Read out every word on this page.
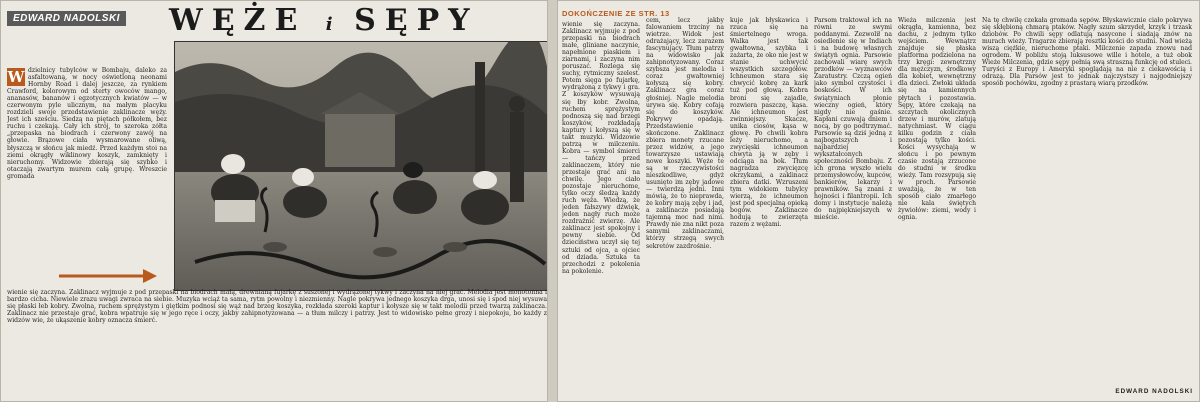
EDWARD NADOLSKI WĘŻE i SĘPY
W dzielnicy tubylców w Bombaju, daleko za asfaltowaną, w nocy oświetloną neonami Hornby Road i dalej jeszcze, za rynkiem Crawford, kolorowym od sterty owoców mango, ananasów, bananów i egzotycznych kwiatów — w czerwonym pyle ulicznym, na małym placyku rozdzieli swoje przedstawienie zaklinacze węży. Jest ich sześciu. Siedzą na piętach półkołem, bez ruchu i czekają. Cały ich strój, to szeroka zółta „przepaska na biodrach i czerwony zawój na głowie. Brązowe ciała wysmarowane oliwą, błyszczą w słońcu jak miedź. Przed każdym stoi na ziemi okrągły wiklinowy koszyk, zamknięty i nieruchomy. Widzowie zbierają się szybko i otaczają zwartym murem całą grupę. Wreszcie gromada
wienie się zaczyna. Zaklinacz wyjmuje z pod przepaski na biodrach małą, drewnianą fujarkę z suszonej i wydrążonej tykwy i zaczyna na niej grać. Melodia jest monotonna i bardzo cicha. Niewiele zrazu uwagi zwraca na siebie. Muzyka wciąż ta sama, rytm powolny i niezmienny. Nagle pokrywa jednego koszyka drga, unosi się i spod niej wysuwa się płaski łeb kobry. Zwolna, ruchem sprężystym i giętkim podnosi się wąż nad brzeg koszyka, rozkłada szeroki kaptur i kołysze się w takt melodii przed twarzą zaklinacza. Zaklinacz nie przestaje grać, kobra wpatruje się w jego ręce i oczy, jakby zahipnotyzowana — a tłum milczy i patrzy. Jest to widowisko pełne grozy i niepokoju, bo każdy z widzów wie, że ukąszenie kobry oznacza śmierć.
DOKOŃCZENIE ZE STR. 13
wienie się zaczyna. Zaklinacz wyjmuje z pod przepaski na biodrach małe, gliniane naczynie, napełnione piaskiem i ziarnami, i zaczyna nim poruszać. Rozlega się suchy, rytmiczny szelest. Potem sięga po fujarkę, wydrążoną z tykwy i gra. Z koszyków wysuwają się łby kobr. Zwolna, ruchem sprężystym podnoszą się nad brzegi koszyków, rozkładają kaptury i kołyszą się w takt muzyki. Widzowie patrzą w milczeniu. Kobra — symbol śmierci — tańczy przed zaklinaczem, który nie przestaje grać ani na chwilę. Jego ciało pozostaje nieruchome, tylko oczy śledzą każdy ruch węża. Wiedzą, że jeden fałszywy dźwięk, jeden nagły ruch może rozdrażnić zwierzę. Ale zaklinacz jest spokojny i pewny siebie. Od dzieciństwa uczył się tej sztuki od ojca, a ojciec od dziada. Sztuka ta przechodzi z pokolenia na pokolenie.
cem, lecz jakby falowaniem trzciny na wietrze. Widok jest odrażający, lecz zarazem fascynujący. Tłum patrzy na widowisko jak zahipnotyzowany. Coraz szybsza jest melodia i coraz gwałtowniej kołyszą się kobry. Zaklinacz gra coraz głośniej. Nagle melodia urywa się. Kobry cofają się do koszyków. Pokrywy opadają. Przedstawienie skończone. Zaklinacz zbiera monety rzucane przez widzów, a jego towarzysze ustawiają nowe koszyki. Węże te są w rzeczywistości nieszkodliwe, gdyż usunięto im zęby jadowe — twierdzą jedni. Inni mówią, że to nieprawda, że kobry mają zęby i jad, a zaklinacze posiadają tajemną moc nad nimi. Prawdy nie zna nikt poza samymi zaklinaczami, którzy strzegą swych sekretów zazdrośnie.
kuje jak błyskawica i rzuca się na śmiertelnego wroga. Walka jest tak gwałtowna, szybka i zażarta, że oko nie jest w stanie uchwycić wszystkich szczegółów. Ichneumon stara się chwycić kobrę za kark tuż pod głową. Kobra broni się zajadle, rozwiera paszczę, kąsa. Ale ichneumon jest zwinniejszy. Skacze, unika ciosów, kąsa w głowę. Po chwili kobra leży nieruchomo, a zwycięski ichneumon chwyta ją w zęby i odciąga na bok. Tłum nagradza zwycięzcę okrzykami, a zaklinacz zbiera datki. Wzruszeni tym widokiem tubylcy wierzą, że ichneumon jest pod specjalną opieką bogów. Zaklinacze hodują te zwierzęta razem z wężami.
Parsom traktował ich na równi ze swymi poddanymi. Zezwolił na osiedlenie się w Indiach i na budowę własnych świątyń ognia. Parsowie zachowali wiarę swych przodków — wyznawców Zaratustry. Czczą ogień jako symbol czystości i boskości. W ich świątyniach płonie wieczny ogień, który nigdy nie gaśnie. Kapłani czuwają dniem i nocą, by go podtrzymać. Parsowie są dziś jedną z najbogatszych i najbardziej wykształconych społeczności Bombaju. Z ich grona wyszło wielu przemysłowców, kupców, bankierów, lekarzy i prawników. Są znani z hojności i filantropii. Ich domy i instytucje należą do najpiękniejszych w mieście.
Wieża milczenia jest okrągła, kamienna, bez dachu, z jednym tylko wejściem. Wewnątrz znajduje się płaska platforma podzielona na trzy kręgi: zewnętrzny dla mężczyzn, środkowy dla kobiet, wewnętrzny dla dzieci. Zwłoki układa się na kamiennych płytach i pozostawia. Sępy, które czekają na szczytach okolicznych drzew i murów, zlatują natychmiast. W ciągu kilku godzin z ciała pozostają tylko kości. Kości wysychają w słońcu i po pewnym czasie zostają zrzucone do studni w środku wieży. Tam rozsypują się w proch. Parsowie uważają, że w ten sposób ciało zmarłego nie kala świętych żywiołów: ziemi, wody i ognia.
Na tę chwilę czekała gromada sępów. Błyskawicznie ciało pokrywa się skłębioną chmarą ptaków. Nagły szum skrzydeł, krzyk i trzask dziobów. Po chwili sępy odlatują nasycone i siadają znów na murach wieży. Tragarze zbierają resztki kości do studni. Nad wieżą wiszą ciężkie, nieruchome ptaki. Milczenie zapada znowu nad ogrodem. W pobliżu stoją luksusowe wille i hotele, a tuż obok Wieże Milczenia, gdzie sępy pełnią swą straszną funkcję od stuleci. Turyści z Europy i Ameryki spoglądają na nie z ciekawością i odrazą. Dla Parsów jest to jednak najczystszy i najgodniejszy sposób pochówku, zgodny z prastarą wiarą przodków.
EDWARD NADOLSKI
